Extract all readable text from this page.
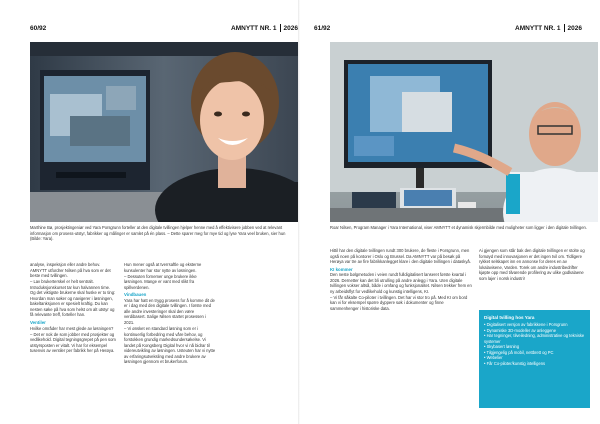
60/92	AMNYTT NR. 1 2026
Marthine Bø, prosjektingeniør ved Yara Porsgrunn forteller at den digitale tvillingen hjelper henne med å effektivisere jobben ved at relevant informasjon om prosess-utstyr, fabrikker og målinger er samlet på én plass. – Dette sparer meg for mye tid og ​​lyse Yara veel bruken, sier hun (Bilde: Yara).

analyse, inspeksjon eller andre behov. AMNYTT utfordrer Nilsen på hva som er det beste med tvillingen.

– Lav brukerterskel er helt sentralt. Introduksjonskurset tar kun halvannen time. Og det viktigste brukerne skal huske er to ting: Hvordan man søker og navigerer i løsningen, bakeltanksjonen er spesielt kraftig. Du kan nesten søke på hva som helst om alt utstyr og få relevante treff, forteller han.

Ventiler

Hvilke områder har mest glede av løsningen?

– Det er nok de som jobber med prosjekter og vedlikehold. Digital tegningsgrepet på pen som utstyrsposten er vitalt. Vi har for eksempel tusenvis av ventiler per fabrikk her på Herøya.

Hun mener også at tverrsaftle og eksterne kunsulenter har stor nytte av løsningen.

– Dessuten fornemer unge brukere ikke løsningen. Mange er vant med slikt fra spillverdenen.

Vindbauen

Yara har hatt en trygg prosess for å komme dit de er i dag med den digitale tvillingen. I første med alle andre investeringer skal den være verdibasert. Salige Nilsen startet prosessen i 2021.

– Vi ønsket en standard løsning som er i kontinuerlig forbedring med våre behov, og forstokken grundig markedsundersøkelse. Vi landet på Kongsberg Digital hvor vi nå bidrar til videreutvikling av løsningen. Usteuten har vi nytte av erfaringsutveksling med andre brukere av løsningen gjennom et brukerforum.

61/92	AMNYTT NR. 1 2026
Roar Nilsen, Program Manager i Yara International, viser AMNYTT et dynamisk skjermbilde med muligheter som ligger i den digitale tvillingen.

Hittil har den digitale tvillingen rundt 300 brukere, de fleste i Porsgrunn, men også noen på kontorer i Oslo og Brussel. Da AMNYTT var på besøk på Herøya var tre av fire fabrikkanlegget klare i den digitale tvillingen i dataskyå.

KI kommer

Den neste bølgmetoden i veien rundt fulldigitalisert lanseret første kvartal i 2026. Dernetter kan det bli utrulling på andre anlegg i Yara. Uten digitale tvillingen vokser altså, både i omfang og funksjonalitet. Nilsen trekker frem en ny arbeidsflyt for vedlikehold og kunstig intelligens, KI.

– Vi får såkalte Co-piloter i tvillingen. Det har vi stor tro på. Med KI om bord kan vi for eksempel spørre dyppere søk i dokumenter og finne sammenhenger i historiske data.

Ai gjengen som står bak den digitale tvillingen er stolte og fornøyd med innovasjonen er det ingen tvil om. Tidligere rykket selskapet inn en annonse for deres en av lokalavisene, Varden. Torek om andre industribedrifter kjøpte opp med tilvarende profilering av ulike godkalaene som lajer i norsk industri!

Digital tvilling hos Yara
• Digitalisert versjon av fabrikkene i Porsgrunn
• Dynamiske 3D-modeller av anleggene
• Har tegninger, tilveiledning, administrative og tekniske systemer
• Skybasert løsning
• Tilgjengelig på mobil, nettbrett og PC
• Webelier
• Får Co-piloter/kunstig intelligens
